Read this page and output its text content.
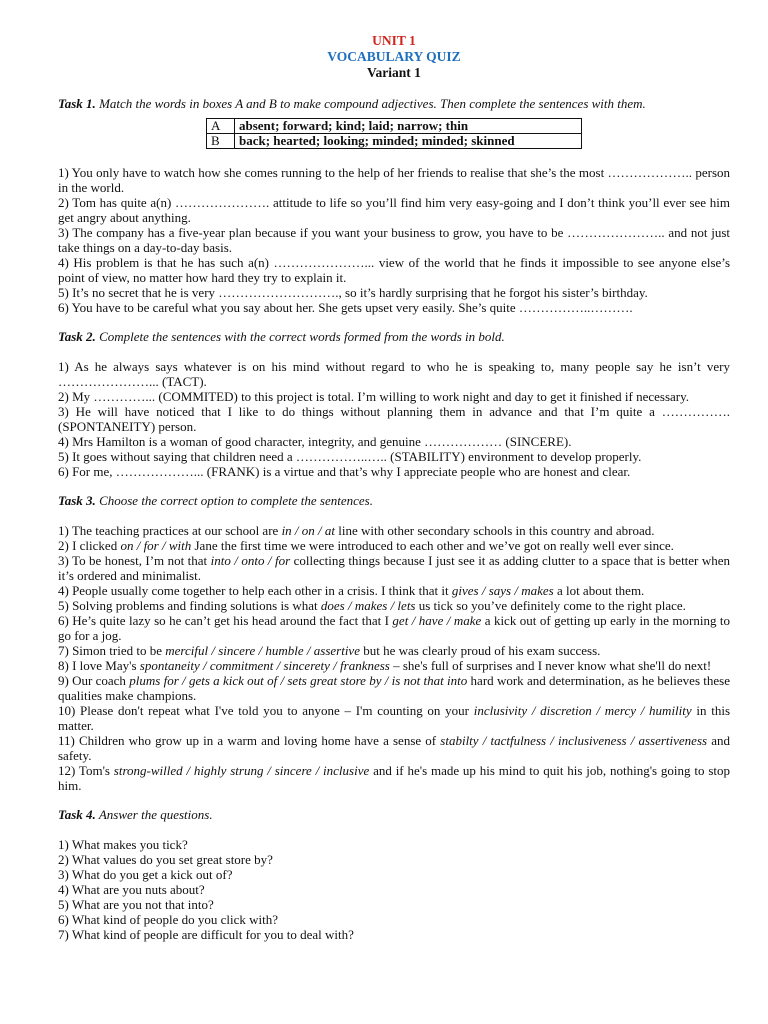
UNIT 1
VOCABULARY QUIZ
Variant 1
Task 1. Match the words in boxes A and B to make compound adjectives. Then complete the sentences with them.
A	absent; forward; kind; laid; narrow; thin
B	back; hearted; looking; minded; minded; skinned

1) You only have to watch how she comes running to the help of her friends to realise that she’s the most ……………….. person in the world.

2) Tom has quite a(n) …………………. attitude to life so you’ll find him very easy-going and I don’t think you’ll ever see him get angry about anything.

3) The company has a five-year plan because if you want your business to grow, you have to be ………………….. and not just take things on a day-to-day basis.

4) His problem is that he has such a(n) …………………... view of the world that he finds it impossible to see anyone else’s point of view, no matter how hard they try to explain it.

5) It’s no secret that he is very ………………………., so it’s hardly surprising that he forgot his sister’s birthday.

6) You have to be careful what you say about her. She gets upset very easily. She’s quite ……………..……….

Task 2. Complete the sentences with the correct words formed from the words in bold.

1) As he always says whatever is on his mind without regard to who he is speaking to, many people say he isn’t very …………………... (TACT).

2) My …………... (COMMITED) to this project is total. I’m willing to work night and day to get it finished if necessary.

3) He will have noticed that I like to do things without planning them in advance and that I’m quite a ……………. (SPONTANEITY) person.

4) Mrs Hamilton is a woman of good character, integrity, and genuine ……………… (SINCERE).

5) It goes without saying that children need a ……………..….. (STABILITY) environment to develop properly.

6) For me, ………………... (FRANK) is a virtue and that’s why I appreciate people who are honest and clear.

Task 3. Choose the correct option to complete the sentences.

1) The teaching practices at our school are in / on / at line with other secondary schools in this country and abroad.

2) I clicked on / for / with Jane the first time we were introduced to each other and we’ve got on really well ever since.

3) To be honest, I’m not that into / onto / for collecting things because I just see it as adding clutter to a space that is better when it’s ordered and minimalist.

4) People usually come together to help each other in a crisis. I think that it gives / says / makes a lot about them.

5) Solving problems and finding solutions is what does / makes / lets us tick so you’ve definitely come to the right place.

6) He’s quite lazy so he can’t get his head around the fact that I get / have / make a kick out of getting up early in the morning to go for a jog.

7) Simon tried to be merciful / sincere / humble / assertive but he was clearly proud of his exam success.

8) I love May's spontaneity / commitment / sincerety / frankness – she's full of surprises and I never know what she'll do next!

9) Our coach plums for / gets a kick out of / sets great store by / is not that into hard work and determination, as he believes these qualities make champions.

10) Please don't repeat what I've told you to anyone – I'm counting on your inclusivity / discretion / mercy / humility in this matter.

11) Children who grow up in a warm and loving home have a sense of stabilty / tactfulness / inclusiveness / assertiveness and safety.

12) Tom's strong-willed / highly strung / sincere / inclusive and if he's made up his mind to quit his job, nothing's going to stop him.

Task 4. Answer the questions.

1) What makes you tick?

2) What values do you set great store by?

3) What do you get a kick out of?

4) What are you nuts about?

5) What are you not that into?

6) What kind of people do you click with?

7) What kind of people are difficult for you to deal with?
